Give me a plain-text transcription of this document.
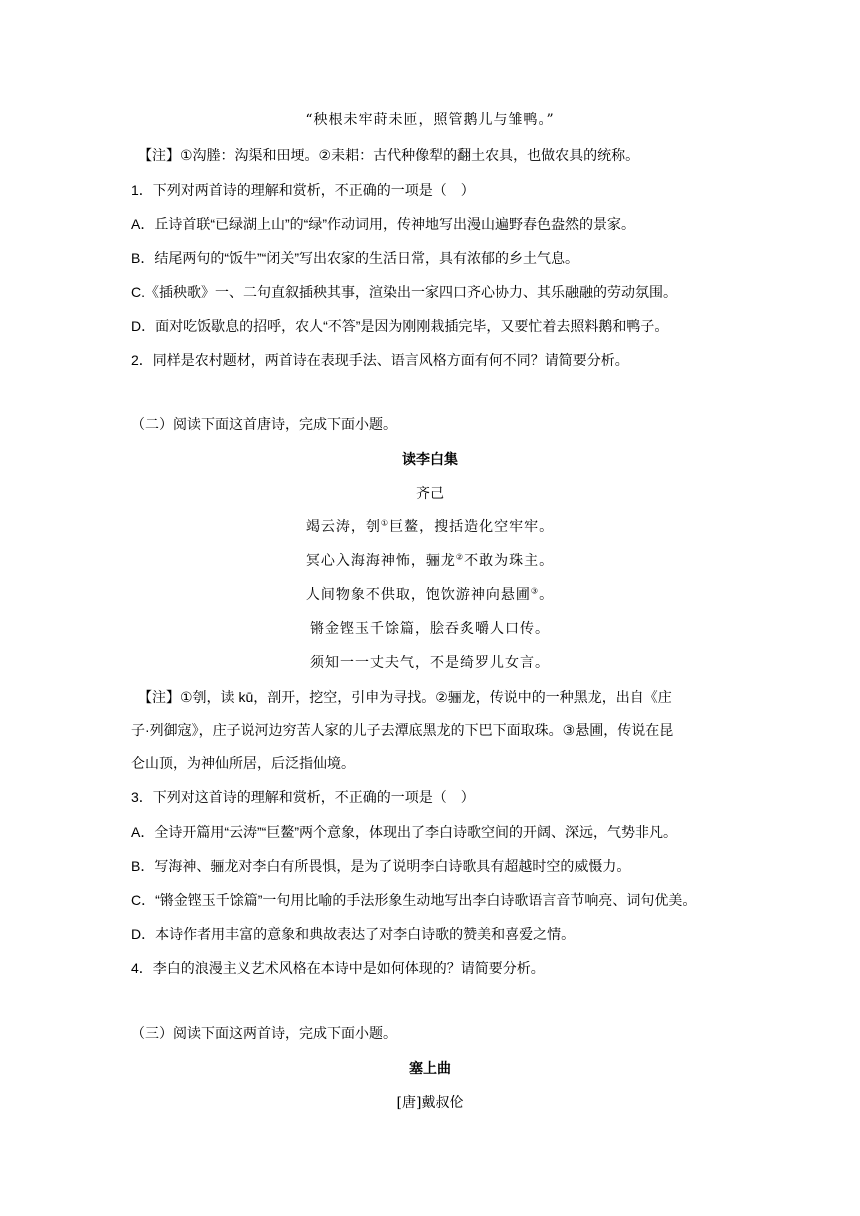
“秧根未牢莳未匝，照管鹅儿与雏鸭。”
【注】①沟塍：沟渠和田埂。②耒耜：古代种像犁的翻土农具，也做农具的统称。
1．下列对两首诗的理解和赏析，不正确的一项是（　）
A．丘诗首联“已绿湖上山”的“绿”作动词用，传神地写出漫山遍野春色盎然的景家。
B．结尾两句的“饭牛”“闭关”写出农家的生活日常，具有浓郁的乡土气息。
C.《插秧歌》一、二句直叙插秧其事，渲染出一家四口齐心协力、其乐融融的劳动氛围。
D．面对吃饭歇息的招呼，农人“不答”是因为刚刚栽插完毕，又要忙着去照料鹅和鸭子。
2．同样是农村题材，两首诗在表现手法、语言风格方面有何不同？请简要分析。
（二）阅读下面这首唐诗，完成下面小题。
读李白集
齐己
竭云涛，刳①巨鳌，搜括造化空牢牢。
冥心入海海神怖，骊龙②不敢为珠主。
人间物象不供取，饱饮游神向悬圃③。
锵金铿玉千馀篇，脍吞炙嚼人口传。
须知一一丈夫气，不是绮罗儿女言。
【注】①刳，读 kū，剖开，挖空，引申为寻找。②骊龙，传说中的一种黑龙，出自《庄
子·列御寇》，庄子说河边穷苦人家的儿子去潭底黑龙的下巴下面取珠。③悬圃，传说在昆
仑山顶，为神仙所居，后泛指仙境。
3．下列对这首诗的理解和赏析，不正确的一项是（　）
A．全诗开篇用“云涛”“巨鳌”两个意象，体现出了李白诗歌空间的开阔、深远，气势非凡。
B．写海神、骊龙对李白有所畏惧，是为了说明李白诗歌具有超越时空的威慑力。
C．“锵金铿玉千馀篇”一句用比喻的手法形象生动地写出李白诗歌语言音节响亮、词句优美。
D．本诗作者用丰富的意象和典故表达了对李白诗歌的赞美和喜爱之情。
4．李白的浪漫主义艺术风格在本诗中是如何体现的？请简要分析。
（三）阅读下面这两首诗，完成下面小题。
塞上曲
[唐]戴叔伦
